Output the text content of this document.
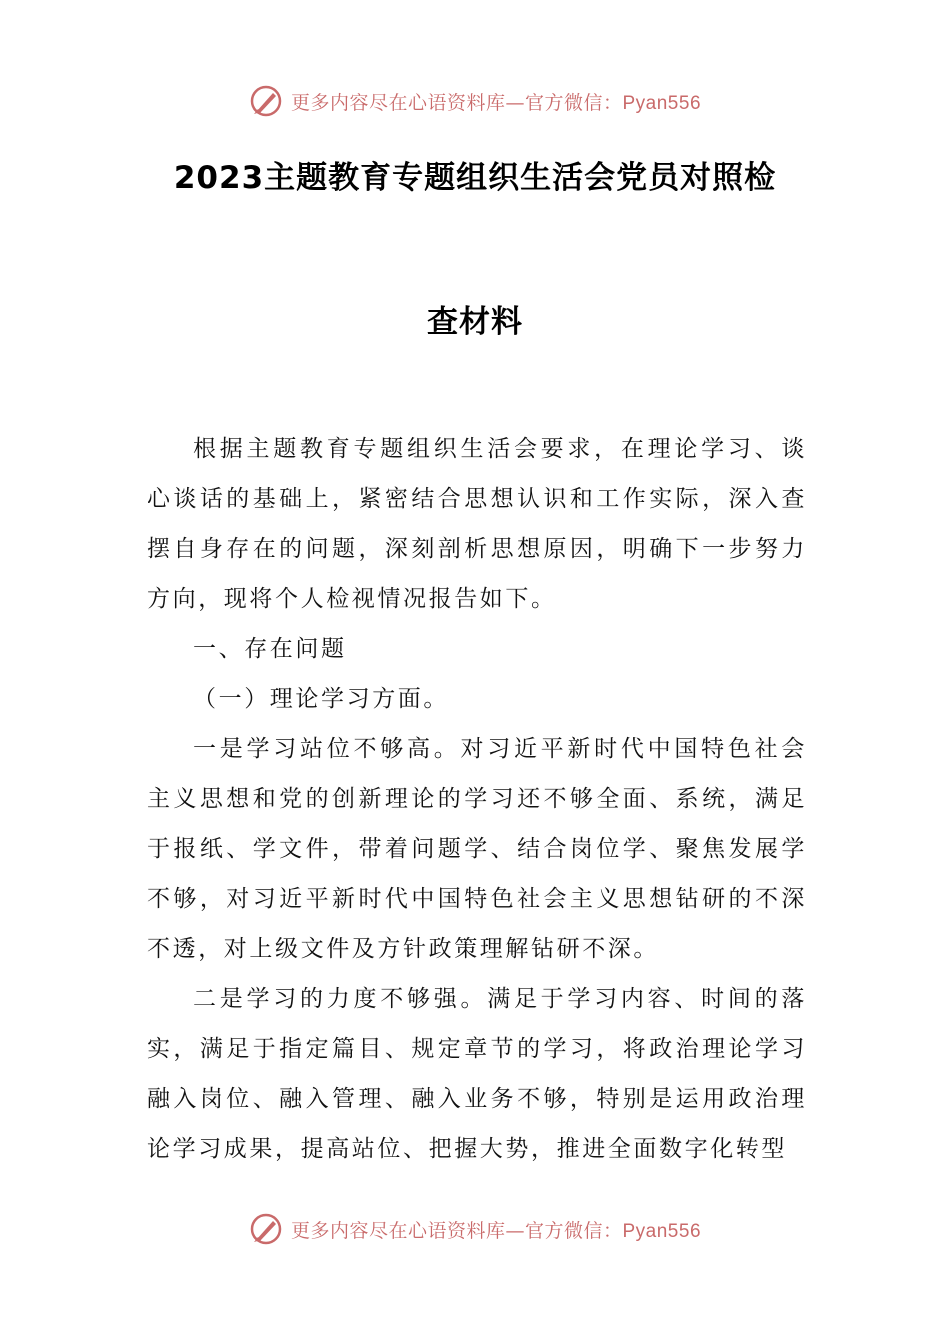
更多内容尽在心语资料库—官方微信：Pyan556
2023主题教育专题组织生活会党员对照检
查材料

根据主题教育专题组织生活会要求，在理论学习、谈心谈话的基础上，紧密结合思想认识和工作实际，深入查摆自身存在的问题，深刻剖析思想原因，明确下一步努力方向，现将个人检视情况报告如下。

一、存在问题

（一）理论学习方面。

一是学习站位不够高。对习近平新时代中国特色社会主义思想和党的创新理论的学习还不够全面、系统，满足于报纸、学文件，带着问题学、结合岗位学、聚焦发展学不够，对习近平新时代中国特色社会主义思想钻研的不深不透，对上级文件及方针政策理解钻研不深。

二是学习的力度不够强。满足于学习内容、时间的落实，满足于指定篇目、规定章节的学习，将政治理论学习融入岗位、融入管理、融入业务不够，特别是运用政治理论学习成果，提高站位、把握大势，推进全面数字化转型

更多内容尽在心语资料库—官方微信：Pyan556
